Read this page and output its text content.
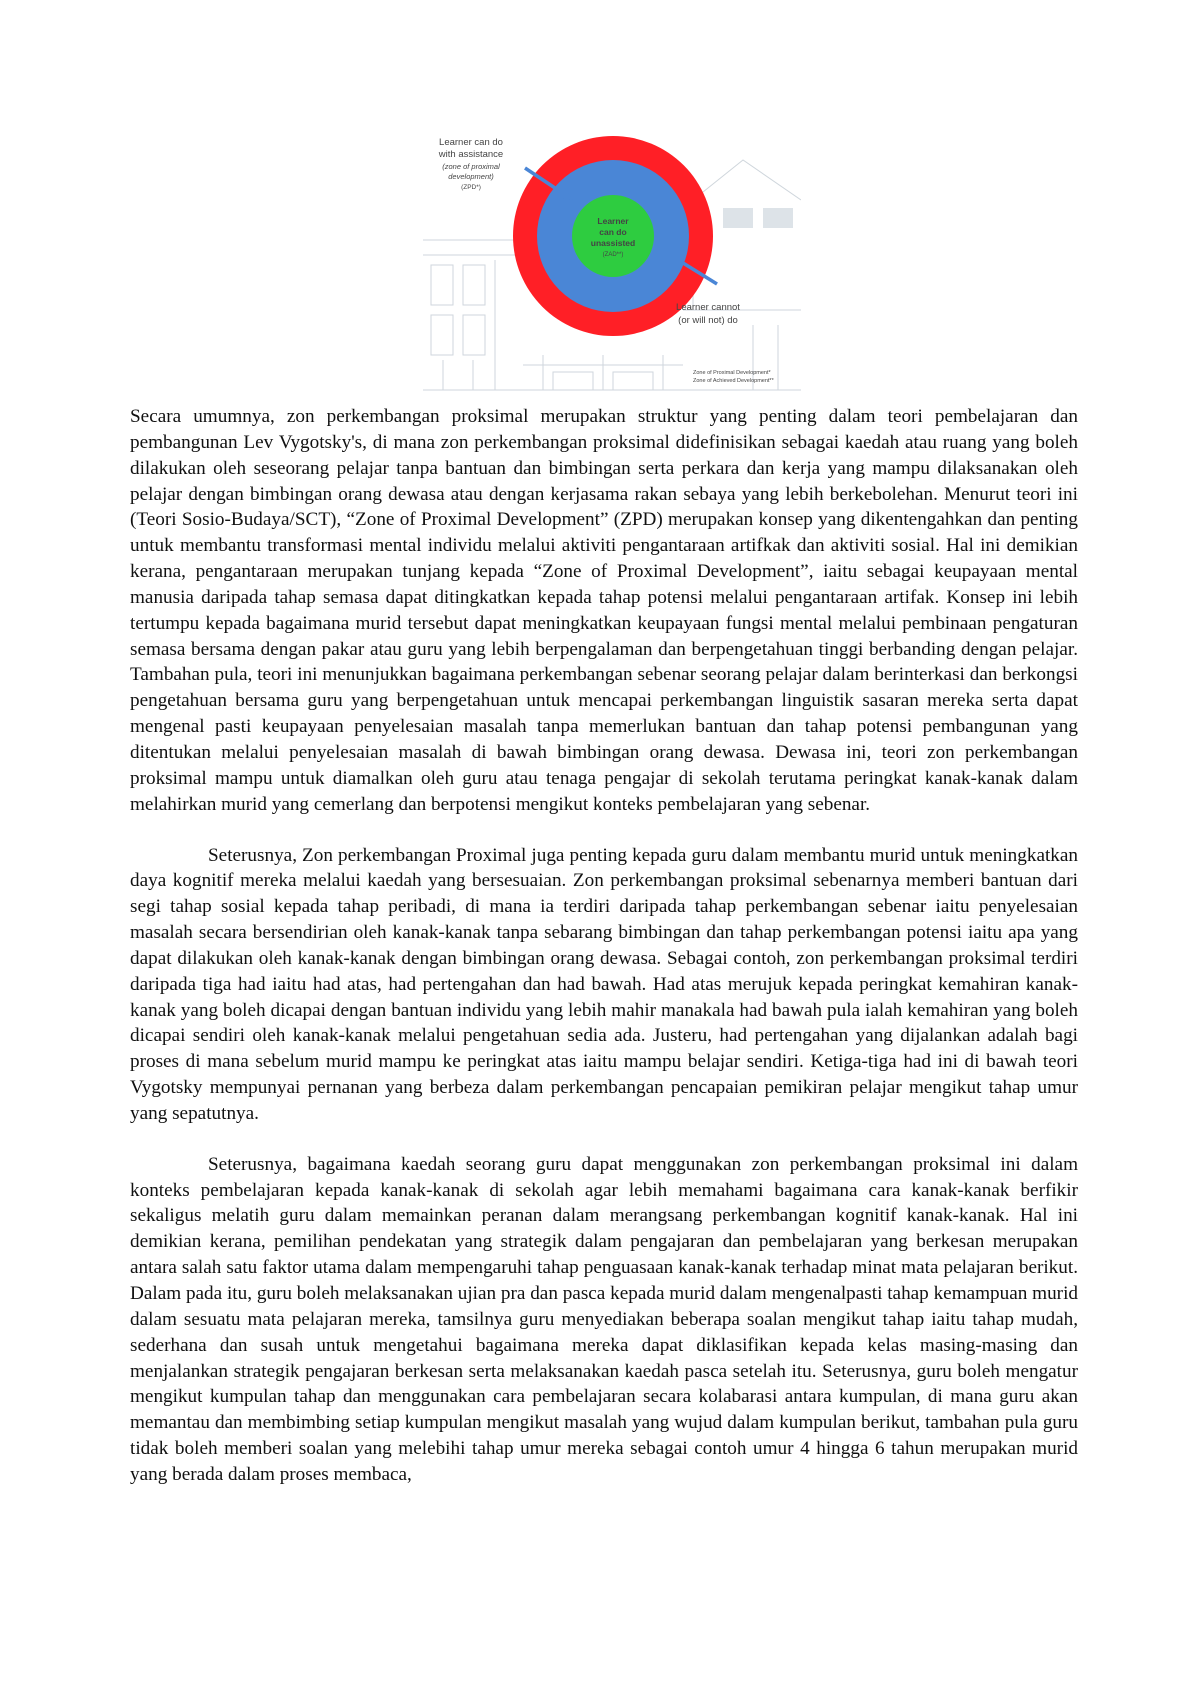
Learner can do
with assistance
(zone of proximal
development)
(ZPD*)
Learner
can do
unassisted
(ZAD**)
Learner cannot
(or will not) do
Zone of Proximal Development*
Zone of Achieved Development**

Secara umumnya, zon perkembangan proksimal merupakan struktur yang penting dalam teori pembelajaran dan pembangunan Lev Vygotsky's, di mana zon perkembangan proksimal didefinisikan sebagai kaedah atau ruang yang boleh dilakukan oleh seseorang pelajar tanpa bantuan dan bimbingan serta perkara dan kerja yang mampu dilaksanakan oleh pelajar dengan bimbingan orang dewasa atau dengan kerjasama rakan sebaya yang lebih berkebolehan. Menurut teori ini (Teori Sosio-Budaya/SCT), “Zone of Proximal Development” (ZPD) merupakan konsep yang dikentengahkan dan penting untuk membantu transformasi mental individu melalui aktiviti pengantaraan artifkak dan aktiviti sosial. Hal ini demikian kerana, pengantaraan merupakan tunjang kepada “Zone of Proximal Development”, iaitu sebagai keupayaan mental manusia daripada tahap semasa dapat ditingkatkan kepada tahap potensi melalui pengantaraan artifak. Konsep ini lebih tertumpu kepada bagaimana murid tersebut dapat meningkatkan keupayaan fungsi mental melalui pembinaan pengaturan semasa bersama dengan pakar atau guru yang lebih berpengalaman dan berpengetahuan tinggi berbanding dengan pelajar. Tambahan pula, teori ini menunjukkan bagaimana perkembangan sebenar seorang pelajar dalam berinterkasi dan berkongsi pengetahuan bersama guru yang berpengetahuan untuk mencapai perkembangan linguistik sasaran mereka serta dapat mengenal pasti keupayaan penyelesaian masalah tanpa memerlukan bantuan dan tahap potensi pembangunan yang ditentukan melalui penyelesaian masalah di bawah bimbingan orang dewasa. Dewasa ini, teori zon perkembangan proksimal mampu untuk diamalkan oleh guru atau tenaga pengajar di sekolah terutama peringkat kanak-kanak dalam melahirkan murid yang cemerlang dan berpotensi mengikut konteks pembelajaran yang sebenar.

Seterusnya, Zon perkembangan Proximal juga penting kepada guru dalam membantu murid untuk meningkatkan daya kognitif mereka melalui kaedah yang bersesuaian. Zon perkembangan proksimal sebenarnya memberi bantuan dari segi tahap sosial kepada tahap peribadi, di mana ia terdiri daripada tahap perkembangan sebenar iaitu penyelesaian masalah secara bersendirian oleh kanak-kanak tanpa sebarang bimbingan dan tahap perkembangan potensi iaitu apa yang dapat dilakukan oleh kanak-kanak dengan bimbingan orang dewasa. Sebagai contoh, zon perkembangan proksimal terdiri daripada tiga had iaitu had atas, had pertengahan dan had bawah. Had atas merujuk kepada peringkat kemahiran kanak-kanak yang boleh dicapai dengan bantuan individu yang lebih mahir manakala had bawah pula ialah kemahiran yang boleh dicapai sendiri oleh kanak-kanak melalui pengetahuan sedia ada. Justeru, had pertengahan yang dijalankan adalah bagi proses di mana sebelum murid mampu ke peringkat atas iaitu mampu belajar sendiri. Ketiga-tiga had ini di bawah teori Vygotsky mempunyai pernanan yang berbeza dalam perkembangan pencapaian pemikiran pelajar mengikut tahap umur yang sepatutnya.

Seterusnya, bagaimana kaedah seorang guru dapat menggunakan zon perkembangan proksimal ini dalam konteks pembelajaran kepada kanak-kanak di sekolah agar lebih memahami bagaimana cara kanak-kanak berfikir sekaligus melatih guru dalam memainkan peranan dalam merangsang perkembangan kognitif kanak-kanak. Hal ini demikian kerana, pemilihan pendekatan yang strategik dalam pengajaran dan pembelajaran yang berkesan merupakan antara salah satu faktor utama dalam mempengaruhi tahap penguasaan kanak-kanak terhadap minat mata pelajaran berikut. Dalam pada itu, guru boleh melaksanakan ujian pra dan pasca kepada murid dalam mengenalpasti tahap kemampuan murid dalam sesuatu mata pelajaran mereka, tamsilnya guru menyediakan beberapa soalan mengikut tahap iaitu tahap mudah, sederhana dan susah untuk mengetahui bagaimana mereka dapat diklasifikan kepada kelas masing-masing dan menjalankan strategik pengajaran berkesan serta melaksanakan kaedah pasca setelah itu. Seterusnya, guru boleh mengatur mengikut kumpulan tahap dan menggunakan cara pembelajaran secara kolabarasi antara kumpulan, di mana guru akan memantau dan membimbing setiap kumpulan mengikut masalah yang wujud dalam kumpulan berikut, tambahan pula guru tidak boleh memberi soalan yang melebihi tahap umur mereka sebagai contoh umur 4 hingga 6 tahun merupakan murid yang berada dalam proses membaca,
